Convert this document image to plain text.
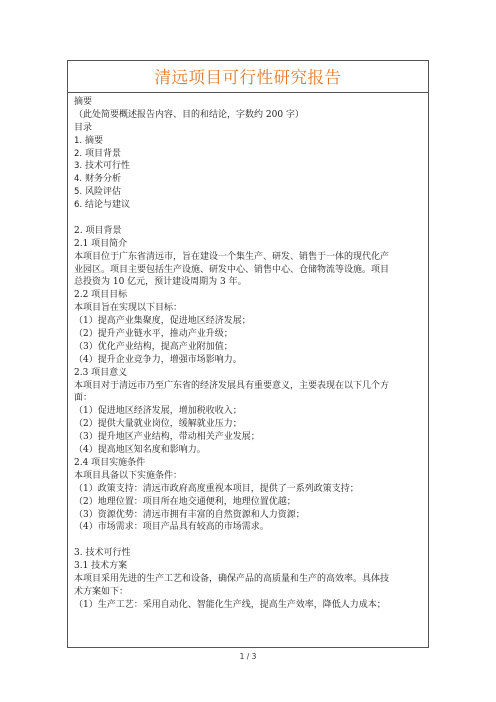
清远项目可行性研究报告
摘要
（此处简要概述报告内容、目的和结论，字数约 200 字）
目录
1. 摘要
2. 项目背景
3. 技术可行性
4. 财务分析
5. 风险评估
6. 结论与建议
2. 项目背景
2.1 项目简介
本项目位于广东省清远市，旨在建设一个集生产、研发、销售于一体的现代化产
业园区。项目主要包括生产设施、研发中心、销售中心、仓储物流等设施。项目
总投资为 10 亿元，预计建设周期为 3 年。
2.2 项目目标
本项目旨在实现以下目标：
（1）提高产业集聚度，促进地区经济发展；
（2）提升产业链水平，推动产业升级；
（3）优化产业结构，提高产业附加值；
（4）提升企业竞争力，增强市场影响力。
2.3 项目意义
本项目对于清远市乃至广东省的经济发展具有重要意义，主要表现在以下几个方
面：
（1）促进地区经济发展，增加税收收入；
（2）提供大量就业岗位，缓解就业压力；
（3）提升地区产业结构，带动相关产业发展；
（4）提高地区知名度和影响力。
2.4 项目实施条件
本项目具备以下实施条件：
（1）政策支持：清远市政府高度重视本项目，提供了一系列政策支持；
（2）地理位置：项目所在地交通便利，地理位置优越；
（3）资源优势：清远市拥有丰富的自然资源和人力资源；
（4）市场需求：项目产品具有较高的市场需求。
3. 技术可行性
3.1 技术方案
本项目采用先进的生产工艺和设备，确保产品的高质量和生产的高效率。具体技
术方案如下：
（1）生产工艺：采用自动化、智能化生产线，提高生产效率，降低人力成本；
1 / 3
